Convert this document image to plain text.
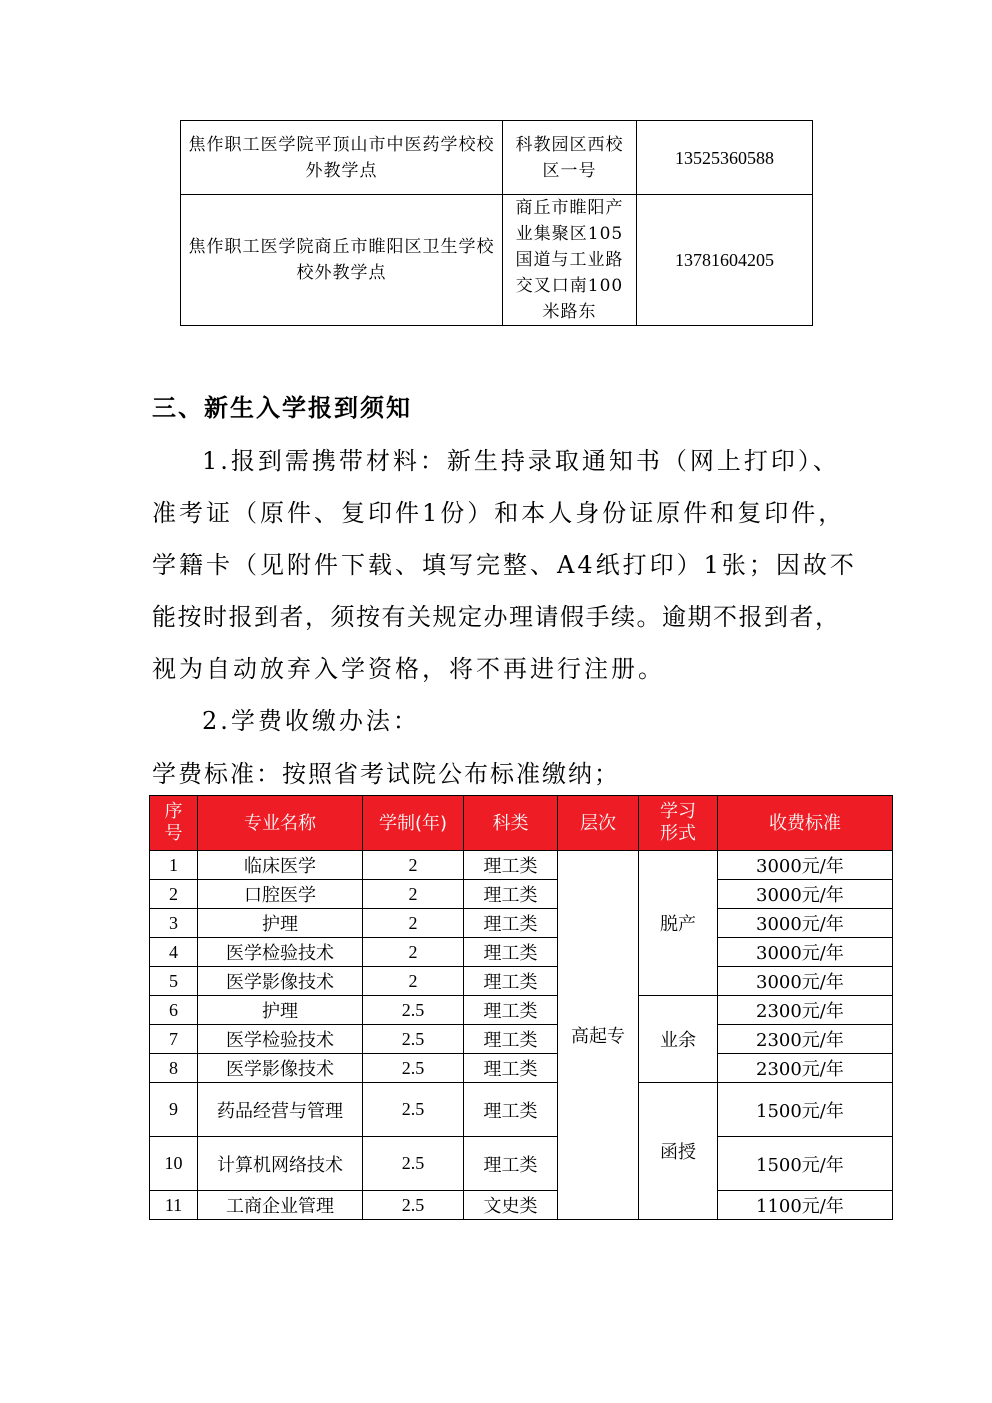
焦作职工医学院平顶山市中医药学校校外教学点	科教园区西校区一号	13525360588
焦作职工医学院商丘市睢阳区卫生学校校外教学点	商丘市睢阳产业集聚区105国道与工业路交叉口南100米路东	13781604205

三、新生入学报到须知

1.报到需携带材料：新生持录取通知书（网上打印）、

准考证（原件、复印件1份）和本人身份证原件和复印件，

学籍卡（见附件下载、填写完整、A4纸打印）1张；因故不

能按时报到者，须按有关规定办理请假手续。逾期不报到者，

视为自动放弃入学资格，将不再进行注册。

2.学费收缴办法：

学费标准：按照省考试院公布标准缴纳；

序号	专业名称	学制(年)	科类	层次	学习形式	收费标准
1	临床医学	2	理工类	高起专	脱产	3000元/年
2	口腔医学	2	理工类			3000元/年
3	护理	2	理工类			3000元/年
4	医学检验技术	2	理工类			3000元/年
5	医学影像技术	2	理工类			3000元/年
6	护理	2.5	理工类		业余	2300元/年
7	医学检验技术	2.5	理工类			2300元/年
8	医学影像技术	2.5	理工类			2300元/年
9	药品经营与管理	2.5	理工类		函授	1500元/年
10	计算机网络技术	2.5	理工类			1500元/年
11	工商企业管理	2.5	文史类			1100元/年
